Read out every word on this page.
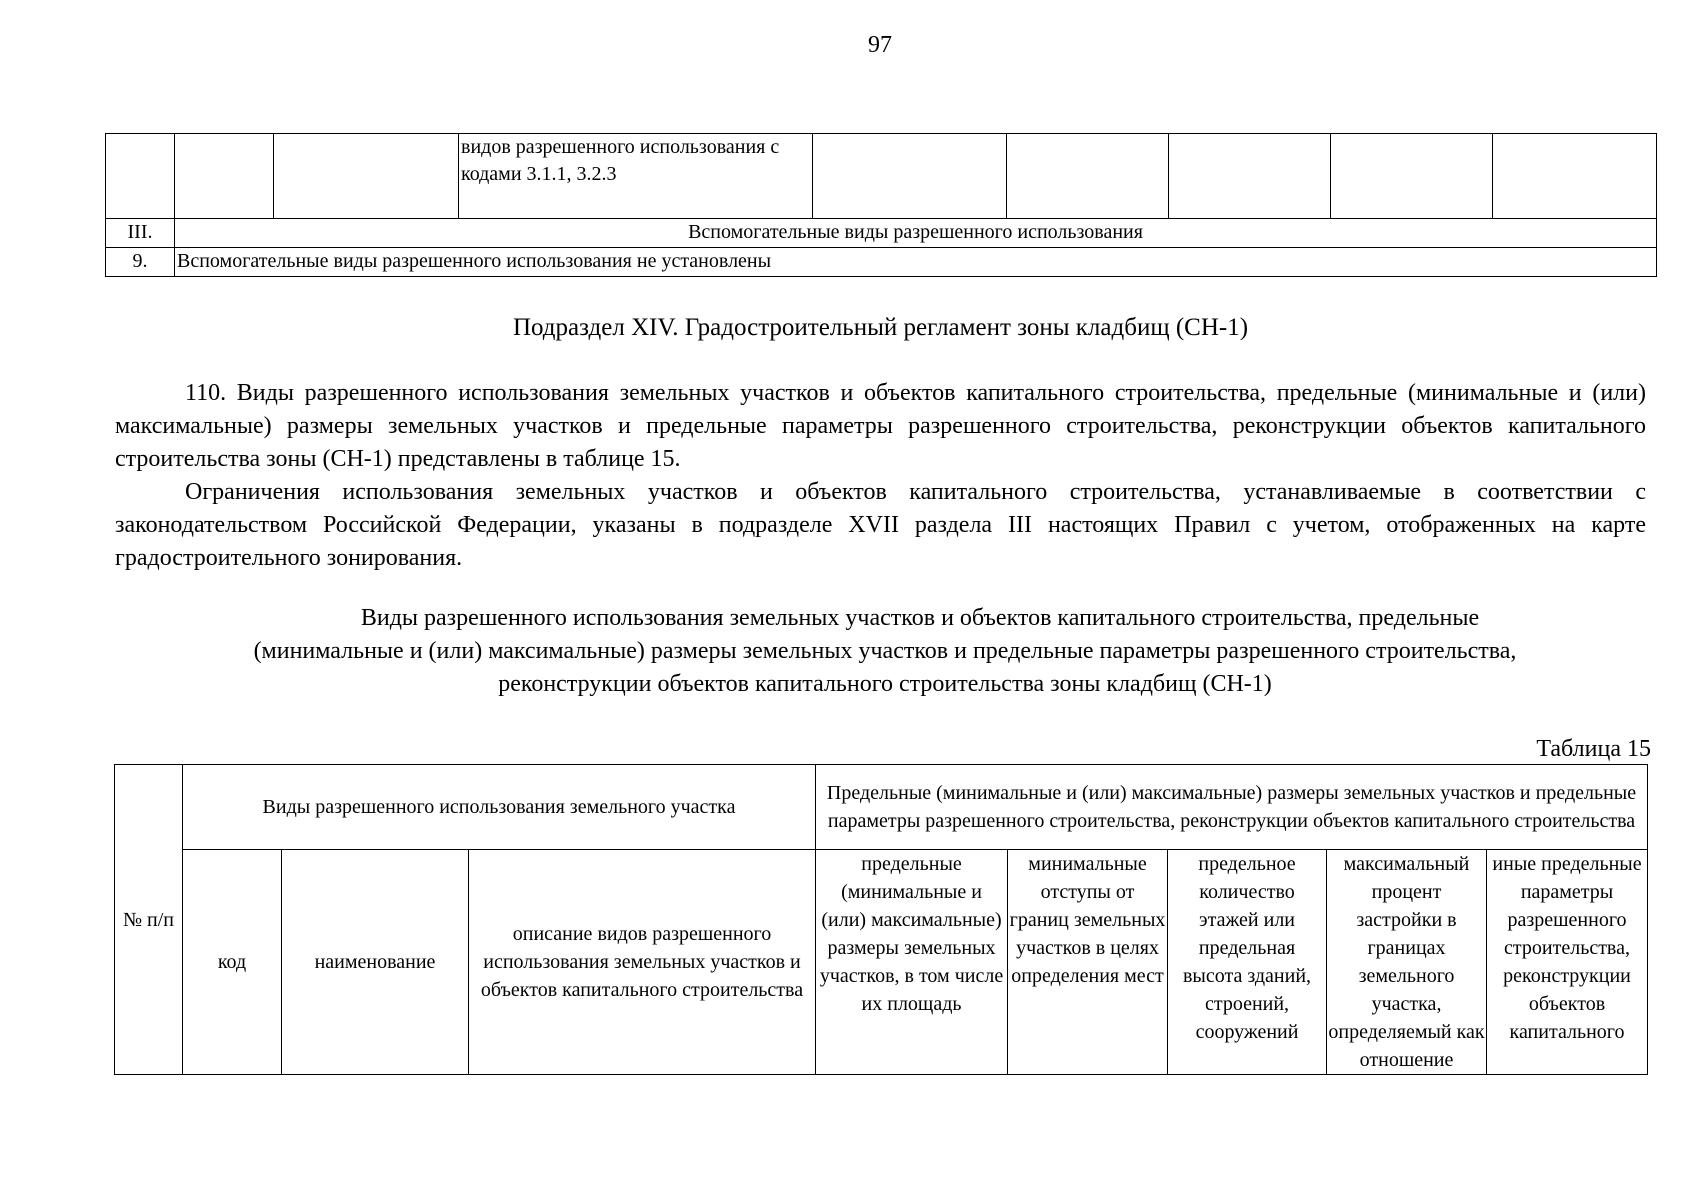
97
			видов разрешенного использования с кодами 3.1.1, 3.2.3					
III.	Вспомогательные виды разрешенного использования							
9.	Вспомогательные виды разрешенного использования не установлены							
Подраздел XIV. Градостроительный регламент зоны кладбищ (СН-1)

110. Виды разрешенного использования земельных участков и объектов капитального строительства, предельные (минимальные и (или) максимальные) размеры земельных участков и предельные параметры разрешенного строительства, реконструкции объектов капитального строительства зоны (СН-1) представлены в таблице 15.

Ограничения использования земельных участков и объектов капитального строительства, устанавливаемые в соответствии с законодательством Российской Федерации, указаны в подразделе XVII раздела III настоящих Правил с учетом, отображенных на карте градостроительного зонирования.

Виды разрешенного использования земельных участков и объектов капитального строительства, предельные
(минимальные и (или) максимальные) размеры земельных участков и предельные параметры разрешенного строительства,
реконструкции объектов капитального строительства зоны кладбищ (СН-1)
Таблица 15
№ п/п	Виды разрешенного использования земельного участка			Предельные (минимальные и (или) максимальные) размеры земельных участков и предельные параметры разрешенного строительства, реконструкции объектов капитального строительства				
	код	наименование	описание видов разрешенного использования земельных участков и объектов капитального строительства	предельные (минимальные и (или) максимальные) размеры земельных участков, в том числе их площадь	минимальные отступы от границ земельных участков в целях определения мест	предельное количество этажей или предельная высота зданий, строений, сооружений	максимальный процент застройки в границах земельного участка, определяемый как отношение	иные предельные параметры разрешенного строительства, реконструкции объектов капитального
